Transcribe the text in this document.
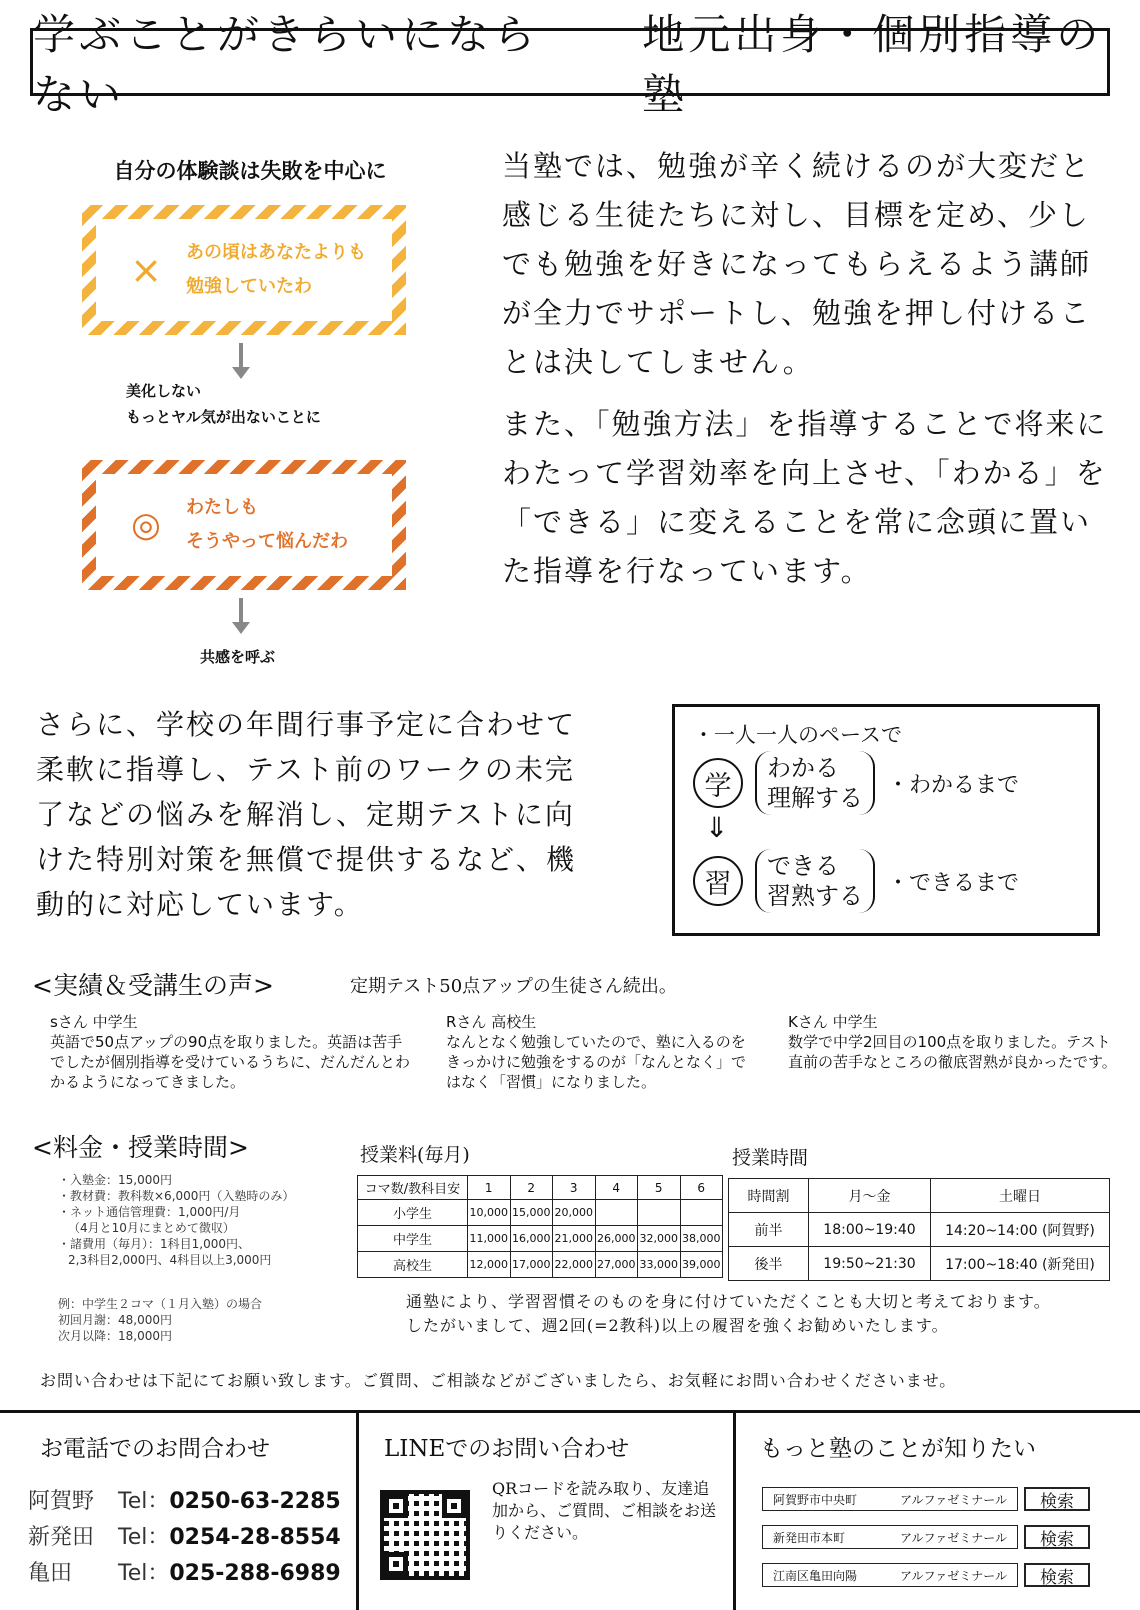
学ぶことがきらいにならない
地元出身・個別指導の塾
自分の体験談は失敗を中心に
× あの頃はあなたよりも
勉強していたわ
美化しない
もっとヤル気が出ないことに
◎ わたしも
そうやって悩んだわ
共感を呼ぶ
当塾では、勉強が辛く続けるのが大変だと感じる生徒たちに対し、目標を定め、少しでも勉強を好きになってもらえるよう講師が全力でサポートし、勉強を押し付けることは決してしません。
また、「勉強方法」を指導することで将来にわたって学習効率を向上させ、「わかる」を「できる」に変えることを常に念頭に置いた指導を行なっています。
さらに、学校の年間行事予定に合わせて柔軟に指導し、テスト前のワークの未完了などの悩みを解消し、定期テストに向けた特別対策を無償で提供するなど、機動的に対応しています。
・一人一人のペースで
学
わかる
理解する ・わかるまで
⇓
習
できる
習熟する ・できるまで
<実績＆受講生の声>	定期テスト50点アップの生徒さん続出。
sさん 中学生
英語で50点アップの90点を取りました。英語は苦手でしたが個別指導を受けているうちに、だんだんとわかるようになってきました。
Rさん 高校生
なんとなく勉強していたので、塾に入るのをきっかけに勉強をするのが「なんとなく」ではなく「習慣」になりました。
Kさん 中学生
数学で中学2回目の100点を取りました。テスト直前の苦手なところの徹底習熟が良かったです。
<料金・授業時間>
・入塾金：15,000円
・教材費：教科数×6,000円（入塾時のみ）
・ネット通信管理費：1,000円/月
（4月と10月にまとめて徴収）
・諸費用（毎月）：1科目1,000円、
2,3科目2,000円、4科目以上3,000円
例：中学生２コマ（１月入塾）の場合
初回月謝：48,000円
次月以降：18,000円
授業料(毎月)
コマ数/教科目安	1	2	3	4	5	6
小学生	10,000	15,000	20,000			
中学生	11,000	16,000	21,000	26,000	32,000	38,000
高校生	12,000	17,000	22,000	27,000	33,000	39,000
授業時間
時間割	月〜金	土曜日
前半	18:00~19:40	14:20~14:00 (阿賀野)
後半	19:50~21:30	17:00~18:40 (新発田)
通塾により、学習習慣そのものを身に付けていただくことも大切と考えております。
したがいまして、週2回(=2教科)以上の履習を強くお勧めいたします。
お問い合わせは下記にてお願い致します。ご質問、ご相談などがございましたら、お気軽にお問い合わせくださいませ。
お電話でのお問合わせ
阿賀野	Tel： 0250-63-2285
新発田	Tel： 0254-28-8554
亀田	Tel： 025-288-6989
LINEでのお問い合わせ
QRコードを読み取り、友達追加から、ご質問、ご相談をお送りください。
もっと塾のことが知りたい
阿賀野市中央町	アルファゼミナール	検索
新発田市本町	アルファゼミナール	検索
江南区亀田向陽	アルファゼミナール	検索
